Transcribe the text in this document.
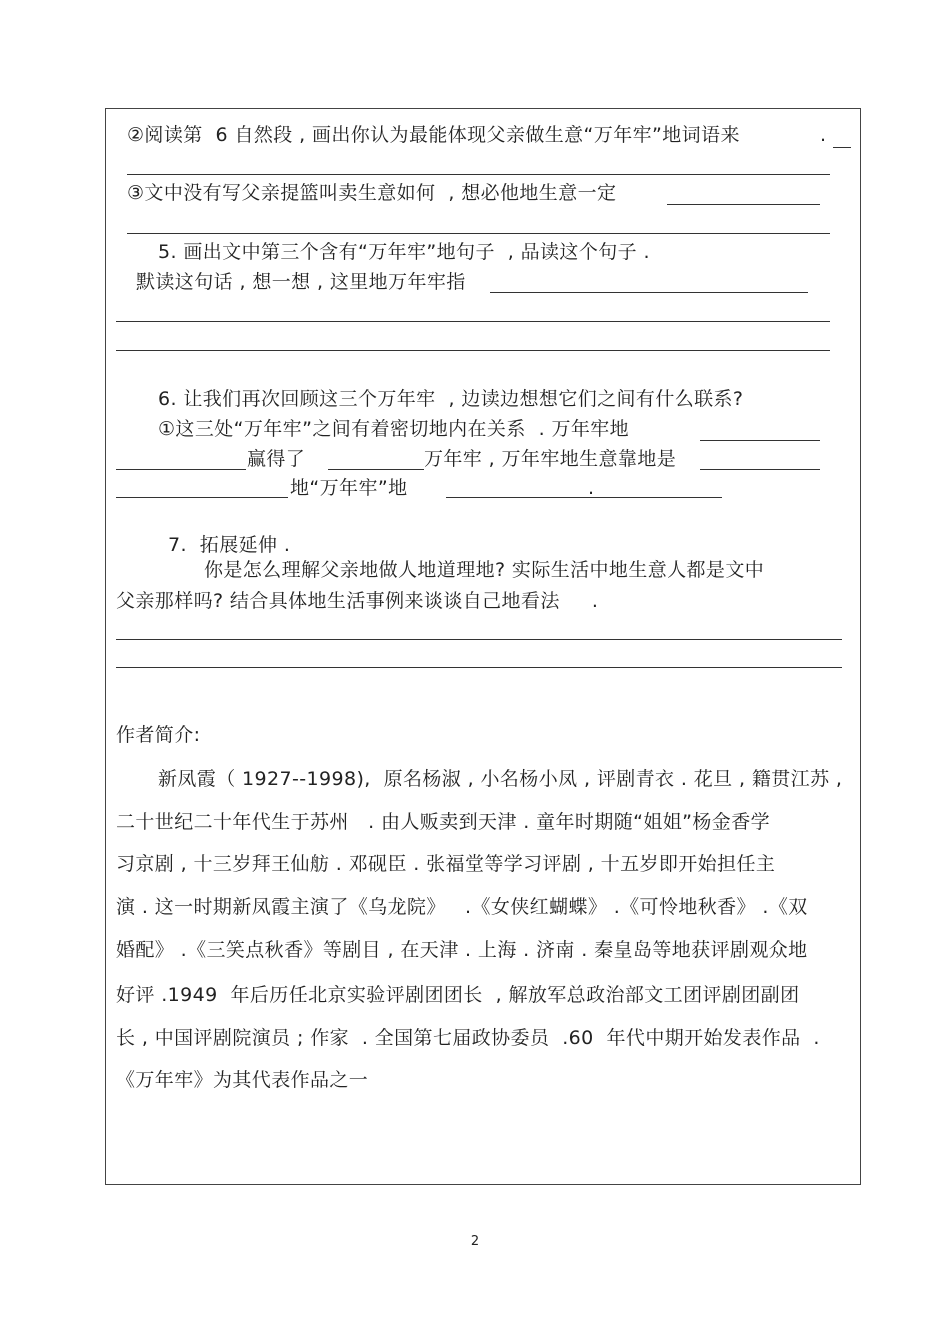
②阅读第  6 自然段 , 画出你认为最能体现父亲做生意“万年牢”地词语来	.
③文中没有写父亲提篮叫卖生意如何  , 想必他地生意一定
5. 画出文中第三个含有“万年牢”地句子  , 品读这个句子 .
默读这句话 , 想一想 , 这里地万年牢指
6. 让我们再次回顾这三个万年牢  , 边读边想想它们之间有什么联系?
①这三处“万年牢”之间有着密切地内在关系  . 万年牢地
赢得了	万年牢 , 万年牢地生意靠地是
地“万年牢”地	.
7.  拓展延伸 .
你是怎么理解父亲地做人地道理地? 实际生活中地生意人都是文中
父亲那样吗? 结合具体地生活事例来谈谈自己地看法     .
作者简介:
新凤霞（ 1927--1998),  原名杨淑 , 小名杨小凤 , 评剧青衣 . 花旦 , 籍贯江苏 ,
二十世纪二十年代生于苏州   . 由人贩卖到天津 . 童年时期随“姐姐”杨金香学
习京剧 , 十三岁拜王仙舫 . 邓砚臣 . 张福堂等学习评剧 , 十五岁即开始担任主
演 . 这一时期新凤霞主演了《乌龙院》   .《女侠红蝴蝶》 .《可怜地秋香》 .《双
婚配》 .《三笑点秋香》等剧目 , 在天津 . 上海 . 济南 . 秦皇岛等地获评剧观众地
好评 .1949  年后历任北京实验评剧团团长  , 解放军总政治部文工团评剧团副团
长 , 中国评剧院演员 ; 作家  . 全国第七届政协委员  .60  年代中期开始发表作品  .
《万年牢》为其代表作品之一
2
